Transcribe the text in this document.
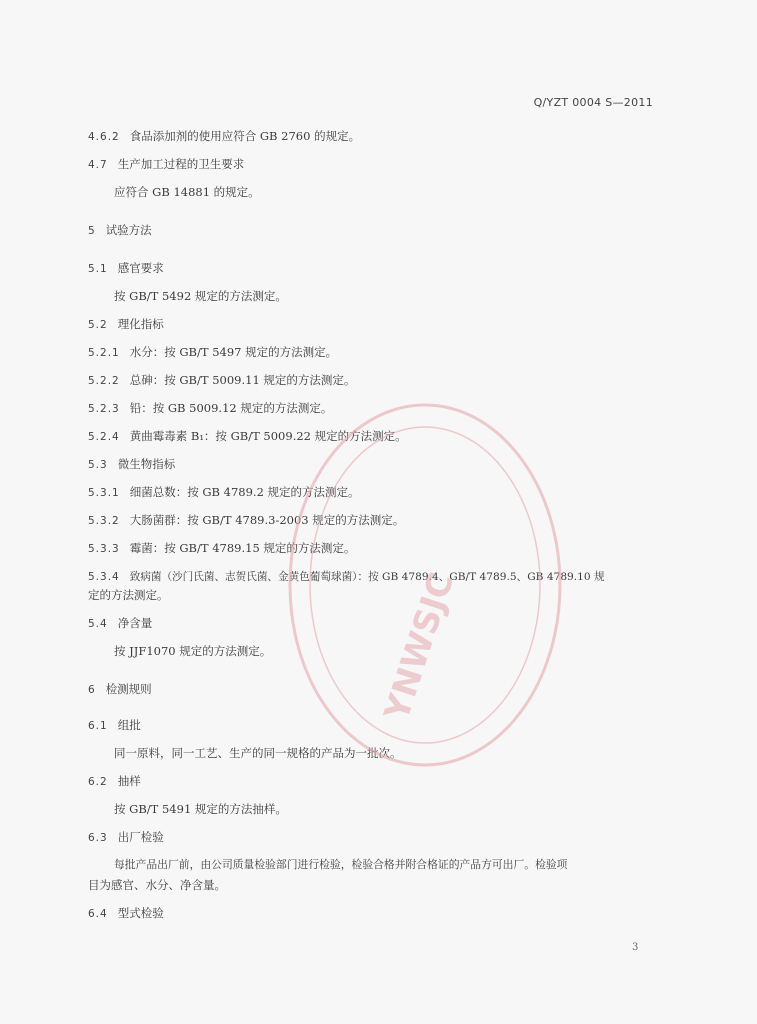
Q/YZT 0004 S—2011
4.6.2 食品添加剂的使用应符合 GB 2760 的规定。
4.7 生产加工过程的卫生要求
应符合 GB 14881 的规定。
5 试验方法
5.1 感官要求
按 GB/T 5492 规定的方法测定。
5.2 理化指标
5.2.1 水分：按 GB/T 5497 规定的方法测定。
5.2.2 总砷：按 GB/T 5009.11 规定的方法测定。
5.2.3 铅：按 GB 5009.12 规定的方法测定。
5.2.4 黄曲霉毒素 B₁：按 GB/T 5009.22 规定的方法测定。
5.3 微生物指标
5.3.1 细菌总数：按 GB 4789.2 规定的方法测定。
5.3.2 大肠菌群：按 GB/T 4789.3-2003 规定的方法测定。
5.3.3 霉菌：按 GB/T 4789.15 规定的方法测定。
5.3.4 致病菌（沙门氏菌、志贺氏菌、金黄色葡萄球菌）：按 GB 4789.4、GB/T 4789.5、GB 4789.10 规
定的方法测定。
5.4 净含量
按 JJF1070 规定的方法测定。
6 检测规则
6.1 组批
同一原料，同一工艺、生产的同一规格的产品为一批次。
6.2 抽样
按 GB/T 5491 规定的方法抽样。
6.3 出厂检验
每批产品出厂前，由公司质量检验部门进行检验，检验合格并附合格证的产品方可出厂。检验项
目为感官、水分、净含量。
6.4 型式检验
3
YNWSJC
